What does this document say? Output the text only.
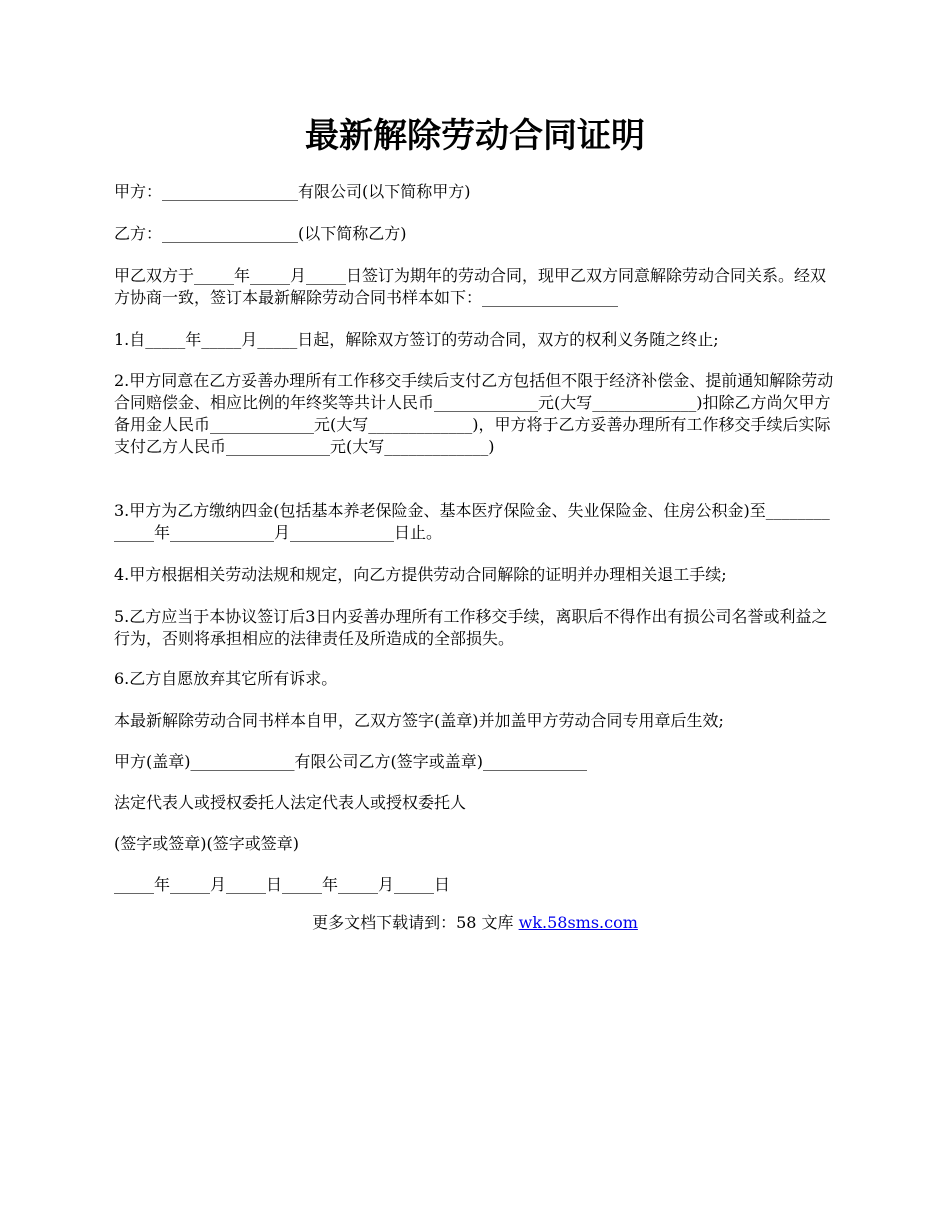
最新解除劳动合同证明

甲方：_________________有限公司(以下简称甲方)

乙方：_________________(以下简称乙方)

甲乙双方于_____年_____月_____日签订为期年的劳动合同，现甲乙双方同意解除劳动合同关系。经双方协商一致，签订本最新解除劳动合同书样本如下：_________________

1.自_____年_____月_____日起，解除双方签订的劳动合同，双方的权利义务随之终止;

2.甲方同意在乙方妥善办理所有工作移交手续后支付乙方包括但不限于经济补偿金、提前通知解除劳动合同赔偿金、相应比例的年终奖等共计人民币_____________元(大写_____________)扣除乙方尚欠甲方备用金人民币_____________元(大写_____________)，甲方将于乙方妥善办理所有工作移交手续后实际支付乙方人民币_____________元(大写_____________)

3.甲方为乙方缴纳四金(包括基本养老保险金、基本医疗保险金、失业保险金、住房公积金)至_____________年_____________月_____________日止。

4.甲方根据相关劳动法规和规定，向乙方提供劳动合同解除的证明并办理相关退工手续;

5.乙方应当于本协议签订后3日内妥善办理所有工作移交手续，离职后不得作出有损公司名誉或利益之行为，否则将承担相应的法律责任及所造成的全部损失。

6.乙方自愿放弃其它所有诉求。

本最新解除劳动合同书样本自甲，乙双方签字(盖章)并加盖甲方劳动合同专用章后生效;

甲方(盖章)_____________有限公司乙方(签字或盖章)_____________

法定代表人或授权委托人法定代表人或授权委托人

(签字或签章)(签字或签章)

_____年_____月_____日_____年_____月_____日

更多文档下载请到：58 文库 wk.58sms.com
